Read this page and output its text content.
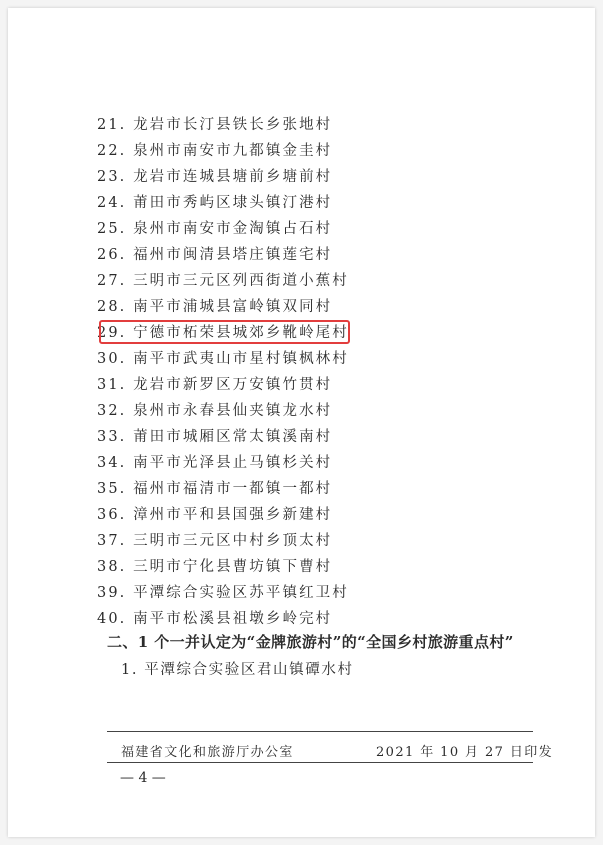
21. 龙岩市长汀县铁长乡张地村
22. 泉州市南安市九都镇金圭村
23. 龙岩市连城县塘前乡塘前村
24. 莆田市秀屿区埭头镇汀港村
25. 泉州市南安市金淘镇占石村
26. 福州市闽清县塔庄镇莲宅村
27. 三明市三元区列西街道小蕉村
28. 南平市浦城县富岭镇双同村
29. 宁德市柘荣县城郊乡靴岭尾村
30. 南平市武夷山市星村镇枫林村
31. 龙岩市新罗区万安镇竹贯村
32. 泉州市永春县仙夹镇龙水村
33. 莆田市城厢区常太镇溪南村
34. 南平市光泽县止马镇杉关村
35. 福州市福清市一都镇一都村
36. 漳州市平和县国强乡新建村
37. 三明市三元区中村乡顶太村
38. 三明市宁化县曹坊镇下曹村
39. 平潭综合实验区苏平镇红卫村
40. 南平市松溪县祖墩乡岭完村
二、1 个一并认定为“金牌旅游村”的“全国乡村旅游重点村”
1. 平潭综合实验区君山镇磹水村
福建省文化和旅游厅办公室	2021 年 10 月 27 日印发
— 4 —
